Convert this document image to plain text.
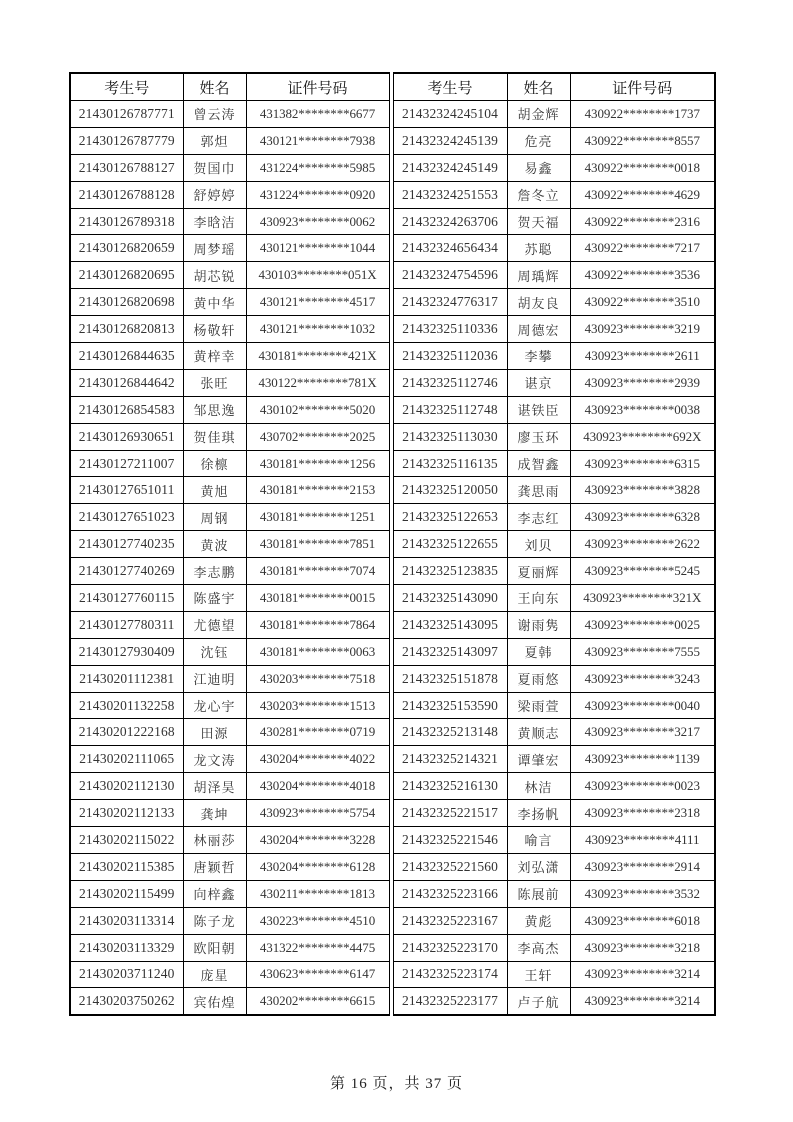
考生号	姓名	证件号码
21430126787771	曾云涛	431382********6677
21430126787779	郭炟	430121********7938
21430126788127	贺国巾	431224********5985
21430126788128	舒婷婷	431224********0920
21430126789318	李晗洁	430923********0062
21430126820659	周梦瑶	430121********1044
21430126820695	胡芯锐	430103********051X
21430126820698	黄中华	430121********4517
21430126820813	杨敬轩	430121********1032
21430126844635	黄梓幸	430181********421X
21430126844642	张旺	430122********781X
21430126854583	邹思逸	430102********5020
21430126930651	贺佳琪	430702********2025
21430127211007	徐檩	430181********1256
21430127651011	黄旭	430181********2153
21430127651023	周钢	430181********1251
21430127740235	黄波	430181********7851
21430127740269	李志鹏	430181********7074
21430127760115	陈盛宇	430181********0015
21430127780311	尤德望	430181********7864
21430127930409	沈钰	430181********0063
21430201112381	江迪明	430203********7518
21430201132258	龙心宇	430203********1513
21430201222168	田源	430281********0719
21430202111065	龙文涛	430204********4022
21430202112130	胡泽昊	430204********4018
21430202112133	龚坤	430923********5754
21430202115022	林丽莎	430204********3228
21430202115385	唐颖哲	430204********6128
21430202115499	向梓鑫	430211********1813
21430203113314	陈子龙	430223********4510
21430203113329	欧阳朝	431322********4475
21430203711240	庞星	430623********6147
21430203750262	宾佑煌	430202********6615
考生号	姓名	证件号码
21432324245104	胡金辉	430922********1737
21432324245139	危亮	430922********8557
21432324245149	易鑫	430922********0018
21432324251553	詹冬立	430922********4629
21432324263706	贺天福	430922********2316
21432324656434	苏聪	430922********7217
21432324754596	周瑀辉	430922********3536
21432324776317	胡友良	430922********3510
21432325110336	周德宏	430923********3219
21432325112036	李攀	430923********2611
21432325112746	谌京	430923********2939
21432325112748	谌铁臣	430923********0038
21432325113030	廖玉环	430923********692X
21432325116135	成智鑫	430923********6315
21432325120050	龚思雨	430923********3828
21432325122653	李志红	430923********6328
21432325122655	刘贝	430923********2622
21432325123835	夏丽辉	430923********5245
21432325143090	王向东	430923********321X
21432325143095	谢雨隽	430923********0025
21432325143097	夏韩	430923********7555
21432325151878	夏雨悠	430923********3243
21432325153590	梁雨萱	430923********0040
21432325213148	黄顺志	430923********3217
21432325214321	谭肇宏	430923********1139
21432325216130	林洁	430923********0023
21432325221517	李扬帆	430923********2318
21432325221546	喻言	430923********4111
21432325221560	刘弘潇	430923********2914
21432325223166	陈展前	430923********3532
21432325223167	黄彪	430923********6018
21432325223170	李高杰	430923********3218
21432325223174	王轩	430923********3214
21432325223177	卢子航	430923********3214
第 16 页，共 37 页
